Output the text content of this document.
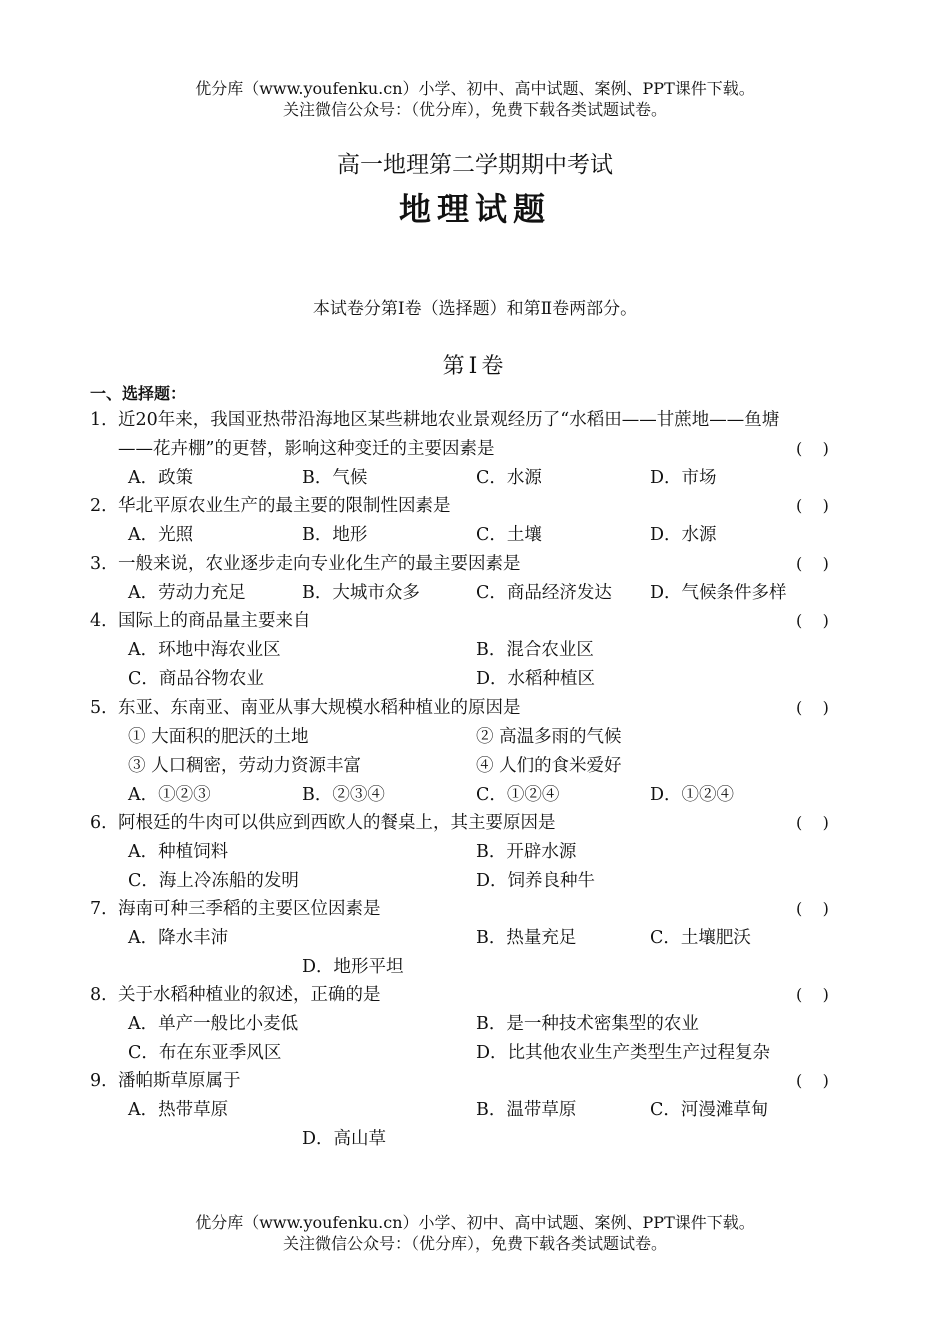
优分库（www.youfenku.cn）小学、初中、高中试题、案例、PPT课件下载。
关注微信公众号：（优分库），免费下载各类试题试卷。
高一地理第二学期期中考试
地理试题
本试卷分第Ⅰ卷（选择题）和第Ⅱ卷两部分。
第Ⅰ卷
一、选择题：
1． 近20年来，我国亚热带沿海地区某些耕地农业景观经历了“水稻田——甘蔗地——鱼塘
——花卉棚”的更替，影响这种变迁的主要因素是	(    )
A．政策	B．气候	C．水源	D．市场
2． 华北平原农业生产的最主要的限制性因素是	(    )
A．光照	B．地形	C．土壤	D．水源
3． 一般来说，农业逐步走向专业化生产的最主要因素是	(    )
A．劳动力充足	B．大城市众多	C．商品经济发达 D．气候条件多样
4． 国际上的商品量主要来自	(    )
A．环地中海农业区	B．混合农业区
C．商品谷物农业	D．水稻种植区
5． 东亚、东南亚、南亚从事大规模水稻种植业的原因是	(    )
① 大面积的肥沃的土地	② 高温多雨的气候
③ 人口稠密，劳动力资源丰富	④ 人们的食米爱好
A．①②③	B．②③④	C．①②④	D．①②④
6． 阿根廷的牛肉可以供应到西欧人的餐桌上，其主要原因是	(    )
A．种植饲料	B．开辟水源
C．海上冷冻船的发明	D．饲养良种牛
7． 海南可种三季稻的主要区位因素是	(    )
A．降水丰沛	B．热量充足	C．土壤肥沃
D．地形平坦
8． 关于水稻种植业的叙述，正确的是	(    )
A．单产一般比小麦低	B．是一种技术密集型的农业
C．布在东亚季风区	D．比其他农业生产类型生产过程复杂
9． 潘帕斯草原属于	(    )
A．热带草原	B．温带草原	C．河漫滩草甸
D．高山草
优分库（www.youfenku.cn）小学、初中、高中试题、案例、PPT课件下载。
关注微信公众号：（优分库），免费下载各类试题试卷。
